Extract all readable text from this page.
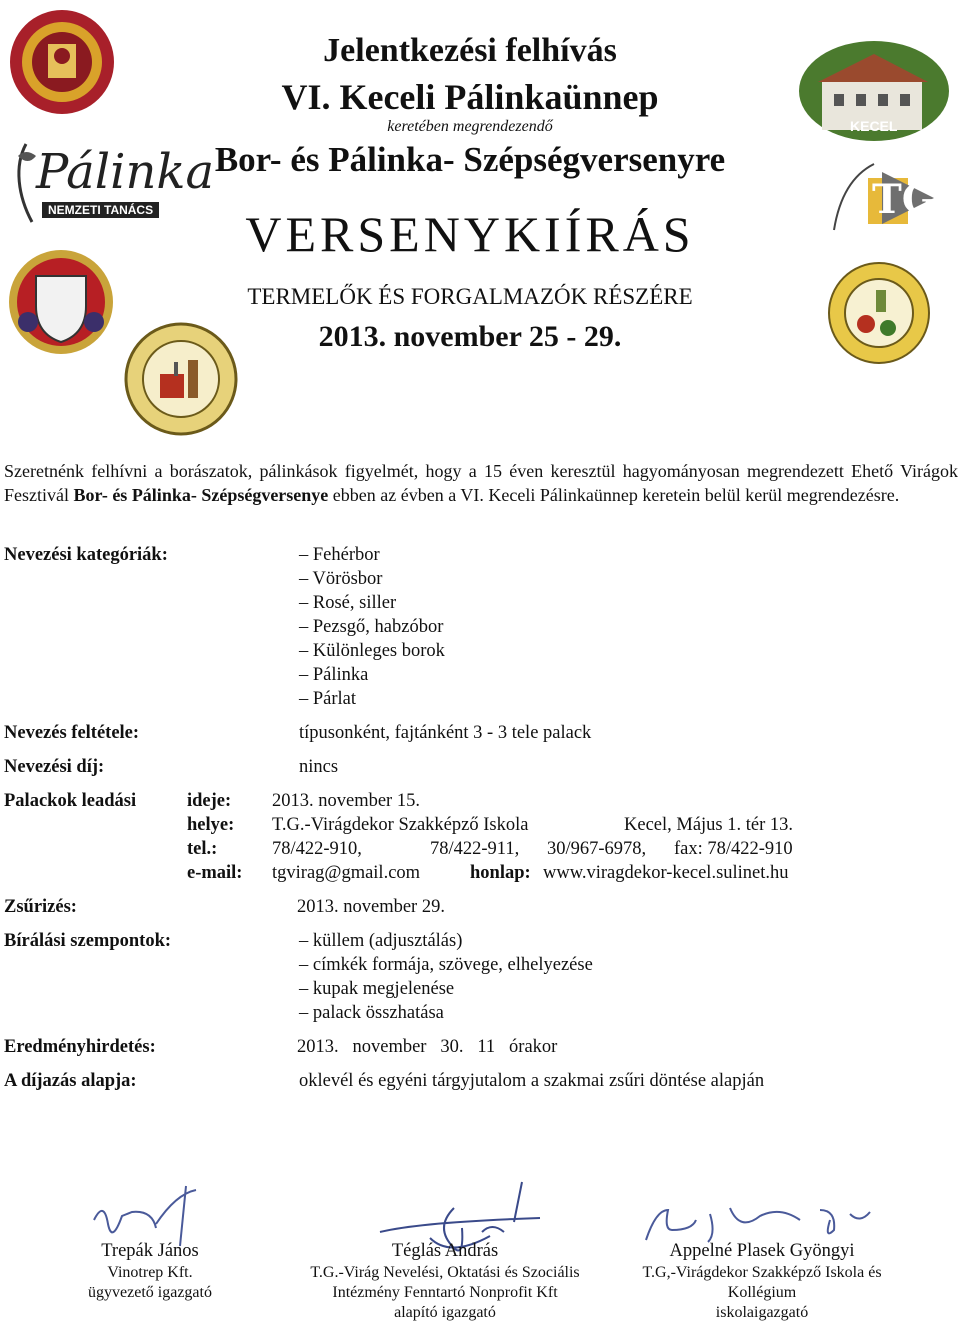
Pálinka
NEMZETI TANÁCS
KECEL
TG
Jelentkezési felhívás
VI. Keceli Pálinkaünnep
keretében megrendezendő
Bor- és Pálinka- Szépségversenyre
VERSENYKIÍRÁS
TERMELŐK ÉS FORGALMAZÓK RÉSZÉRE
2013. november 25 - 29.
Szeretnénk felhívni a borászatok, pálinkások figyelmét, hogy a 15 éven keresztül hagyományosan megrendezett Ehető Virágok Fesztivál Bor- és Pálinka- Szépségversenye ebben az évben a VI. Keceli Pálinkaünnep keretein belül kerül megrendezésre.
Nevezési kategóriák:	– Fehérbor
– Vörösbor
– Rosé, siller
– Pezsgő, habzóbor
– Különleges borok
– Pálinka
– Párlat
Nevezés feltétele:	típusonként, fajtánként 3 - 3 tele palack
Nevezési díj:	nincs
Palackok leadási	ideje: 2013. november 15.
helye: T.G.-Virágdekor Szakképző Iskola	Kecel, Május 1. tér 13.
tel.:	78/422-910,	78/422-911, 30/967-6978, fax: 78/422-910
e-mail: tgvirag@gmail.com	honlap: www.viragdekor-kecel.sulinet.hu
Zsűrizés:	2013. november 29.
Bírálási szempontok:	– küllem (adjusztálás)
– címkék formája, szövege, elhelyezése
– kupak megjelenése
– palack összhatása
Eredményhirdetés:	2013.   november   30.   11   órakor
A díjazás alapja:	oklevél és egyéni tárgyjutalom a szakmai zsűri döntése alapján
Trepák János
Vinotrep Kft.
ügyvezető igazgató
Téglás András
T.G.-Virág Nevelési, Oktatási és Szociális
Intézmény Fenntartó Nonprofit Kft
alapító igazgató
Appelné Plasek Gyöngyi
T.G,-Virágdekor Szakképző Iskola és
Kollégium
iskolaigazgató
